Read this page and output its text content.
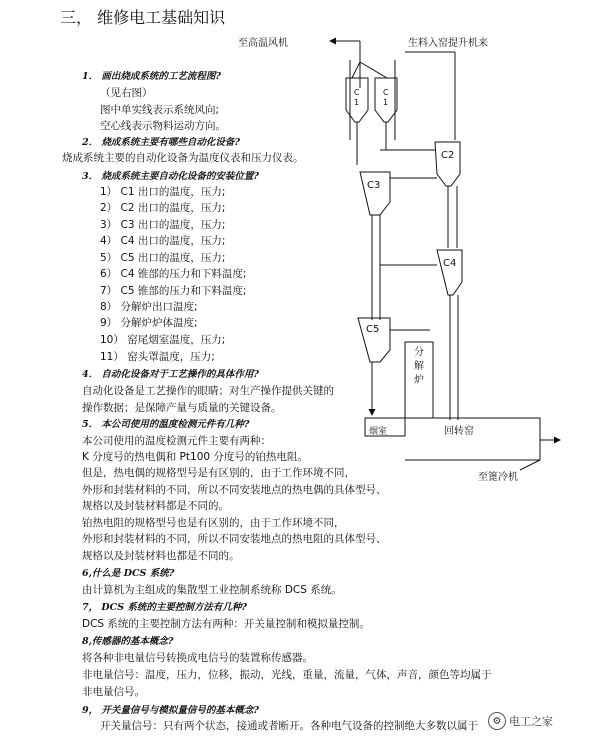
三， 维修电工基础知识
至高温风机	生料入窑提升机来
C
1
C
1
C2
C3
C4
C5
分
解
炉
烟室	回转窑
至篦冷机
1． 画出烧成系统的工艺流程图?
（见右图）
图中单实线表示系统风向;
空心线表示物料运动方向。
2． 烧成系统主要有哪些自动化设备?
烧成系统主要的自动化设备为温度仪表和压力仪表。
3． 烧成系统主要自动化设备的安装位置?
1） C1 出口的温度，压力;
2） C2 出口的温度，压力;
3） C3 出口的温度，压力;
4） C4 出口的温度，压力;
5） C5 出口的温度，压力;
6） C4 锥部的压力和下料温度;
7） C5 锥部的压力和下料温度;
8） 分解炉出口温度;
9） 分解炉炉体温度;
10） 窑尾烟室温度，压力;
11） 窑头罩温度，压力;
4． 自动化设备对于工艺操作的具体作用?
自动化设备是工艺操作的眼睛；对生产操作提供关键的
操作数据；是保障产量与质量的关键设备。
5． 本公司使用的温度检测元件有几种?
本公司使用的温度检测元件主要有两种：
K 分度号的热电偶和 Pt100 分度号的铂热电阻。
但是，热电偶的规格型号是有区别的，由于工作环境不同，
外形和封装材料的不同，所以不同安装地点的热电偶的具体型号、
规格以及封装材料都是不同的。
铂热电阻的规格型号也是有区别的，由于工作环境不同，
外形和封装材料的不同，所以不同安装地点的热电阻的具体型号、
规格以及封装材料也都是不同的。
6,什么是 DCS 系统?
由计算机为主组成的集散型工业控制系统称 DCS 系统。
7， DCS 系统的主要控制方法有几种?
DCS 系统的主要控制方法有两种：开关量控制和模拟量控制。
8,传感器的基本概念?
将各种非电量信号转换成电信号的装置称传感器。
非电量信号：温度，压力，位移，振动，光线，重量，流量，气体，声音，颜色等均属于
非电量信号。
9， 开关量信号与模拟量信号的基本概念?
开关量信号：只有两个状态，接通或者断开。各种电气设备的控制绝大多数以属于	⚙ 电工之家
